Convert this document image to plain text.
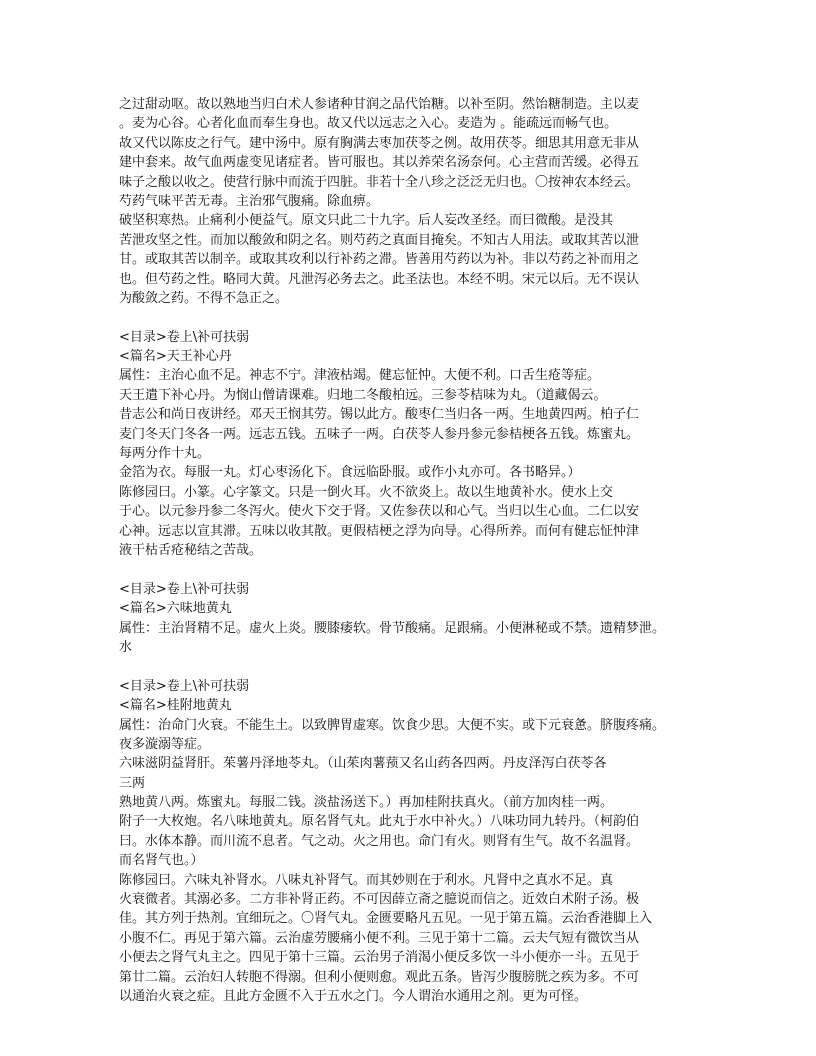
之过甜动呕。故以熟地当归白术人参诸种甘润之品代饴糖。以补至阴。然饴糖制造。主以麦
。麦为心谷。心者化血而奉生身也。故又代以远志之入心。麦造为 。能疏远而畅气也。
故又代以陈皮之行气。建中汤中。原有胸满去枣加茯苓之例。故用茯苓。细思其用意无非从
建中套来。故气血两虚变见诸症者。皆可服也。其以养荣名汤奈何。心主营而苦缓。必得五
味子之酸以收之。使营行脉中而流于四脏。非若十全八珍之泛泛无归也。〇按神农本经云。
芍药气味平苦无毒。主治邪气腹痛。除血痹。
破坚积寒热。止痛利小便益气。原文只此二十九字。后人妄改圣经。而曰微酸。是没其
苦泄攻坚之性。而加以酸敛和阴之名。则芍药之真面目掩矣。不知古人用法。或取其苦以泄
甘。或取其苦以制辛。或取其攻利以行补药之滞。皆善用芍药以为补。非以芍药之补而用之
也。但芍药之性。略同大黄。凡泄泻必务去之。此圣法也。本经不明。宋元以后。无不误认
为酸敛之药。不得不急正之。
<目录>卷上\补可扶弱
<篇名>天王补心丹
属性：主治心血不足。神志不宁。津液枯竭。健忘怔忡。大便不利。口舌生疮等症。
天王遣下补心丹。为悯山僧请课难。归地二冬酸柏远。三参苓桔味为丸。（道藏偈云。
昔志公和尚日夜讲经。邓天王悯其劳。锡以此方。酸枣仁当归各一两。生地黄四两。柏子仁
麦门冬天门冬各一两。远志五钱。五味子一两。白茯苓人参丹参元参桔梗各五钱。炼蜜丸。
每两分作十丸。
金箔为衣。每服一丸。灯心枣汤化下。食远临卧服。或作小丸亦可。各书略异。）
陈修园曰。小篆。心字篆文。只是一倒火耳。火不欲炎上。故以生地黄补水。使水上交
于心。以元参丹参二冬泻火。使火下交于肾。又佐参茯以和心气。当归以生心血。二仁以安
心神。远志以宣其滞。五味以收其散。更假桔梗之浮为向导。心得所养。而何有健忘怔忡津
液干枯舌疮秘结之苦哉。
<目录>卷上\补可扶弱
<篇名>六味地黄丸
属性：主治肾精不足。虚火上炎。腰膝痿软。骨节酸痛。足跟痛。小便淋秘或不禁。遗精梦泄。
水
<目录>卷上\补可扶弱
<篇名>桂附地黄丸
属性：治命门火衰。不能生土。以致脾胃虚寒。饮食少思。大便不实。或下元衰惫。脐腹疼痛。
夜多漩溺等症。
六味滋阴益肾肝。茱薯丹泽地苓丸。（山茱肉薯蓣又名山药各四两。丹皮泽泻白茯苓各
三两
熟地黄八两。炼蜜丸。每服二钱。淡盐汤送下。）再加桂附扶真火。（前方加肉桂一两。
附子一大枚炮。名八味地黄丸。原名肾气丸。此丸于水中补火。）八味功同九转丹。（柯韵伯
曰。水体本静。而川流不息者。气之动。火之用也。命门有火。则肾有生气。故不名温肾。
而名肾气也。）
陈修园曰。六味丸补肾水。八味丸补肾气。而其妙则在于利水。凡肾中之真水不足。真
火衰微者。其溺必多。二方非补肾正药。不可因薛立斋之臆说而信之。近效白术附子汤。极
佳。其方列于热剂。宜细玩之。〇肾气丸。金匮要略凡五见。一见于第五篇。云治香港脚上入
小腹不仁。再见于第六篇。云治虚劳腰痛小便不利。三见于第十二篇。云夫气短有微饮当从
小便去之肾气丸主之。四见于第十三篇。云治男子消渴小便反多饮一斗小便亦一斗。五见于
第廿二篇。云治妇人转胞不得溺。但利小便则愈。观此五条。皆泻少腹膀胱之疾为多。不可
以通治火衰之症。且此方金匮不入于五水之门。今人谓治水通用之剂。更为可怪。
